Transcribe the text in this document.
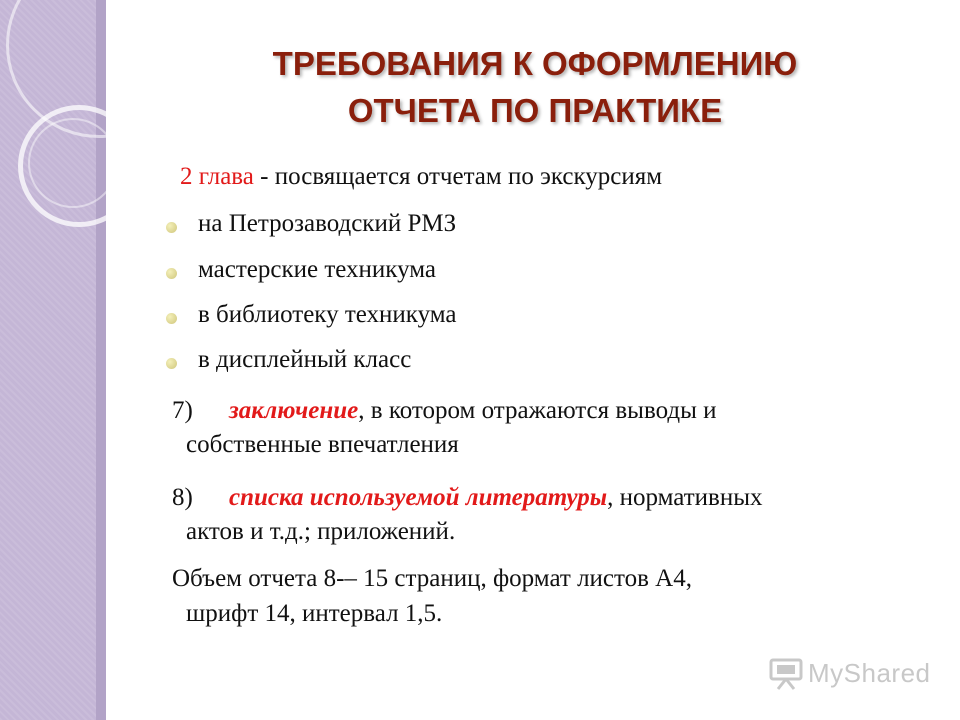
ТРЕБОВАНИЯ К ОФОРМЛЕНИЮ
ОТЧЕТА ПО ПРАКТИКЕ
2 глава - посвящается отчетам по экскурсиям
на Петрозаводский РМЗ
мастерские техникума
в библиотеку техникума
в дисплейный класс
7) заключение, в котором отражаются выводы и
собственные впечатления
8) списка используемой литературы, нормативных
актов и т.д.; приложений.
Объем отчета 8-– 15 страниц, формат листов А4,
шрифт 14, интервал 1,5.
MyShared
